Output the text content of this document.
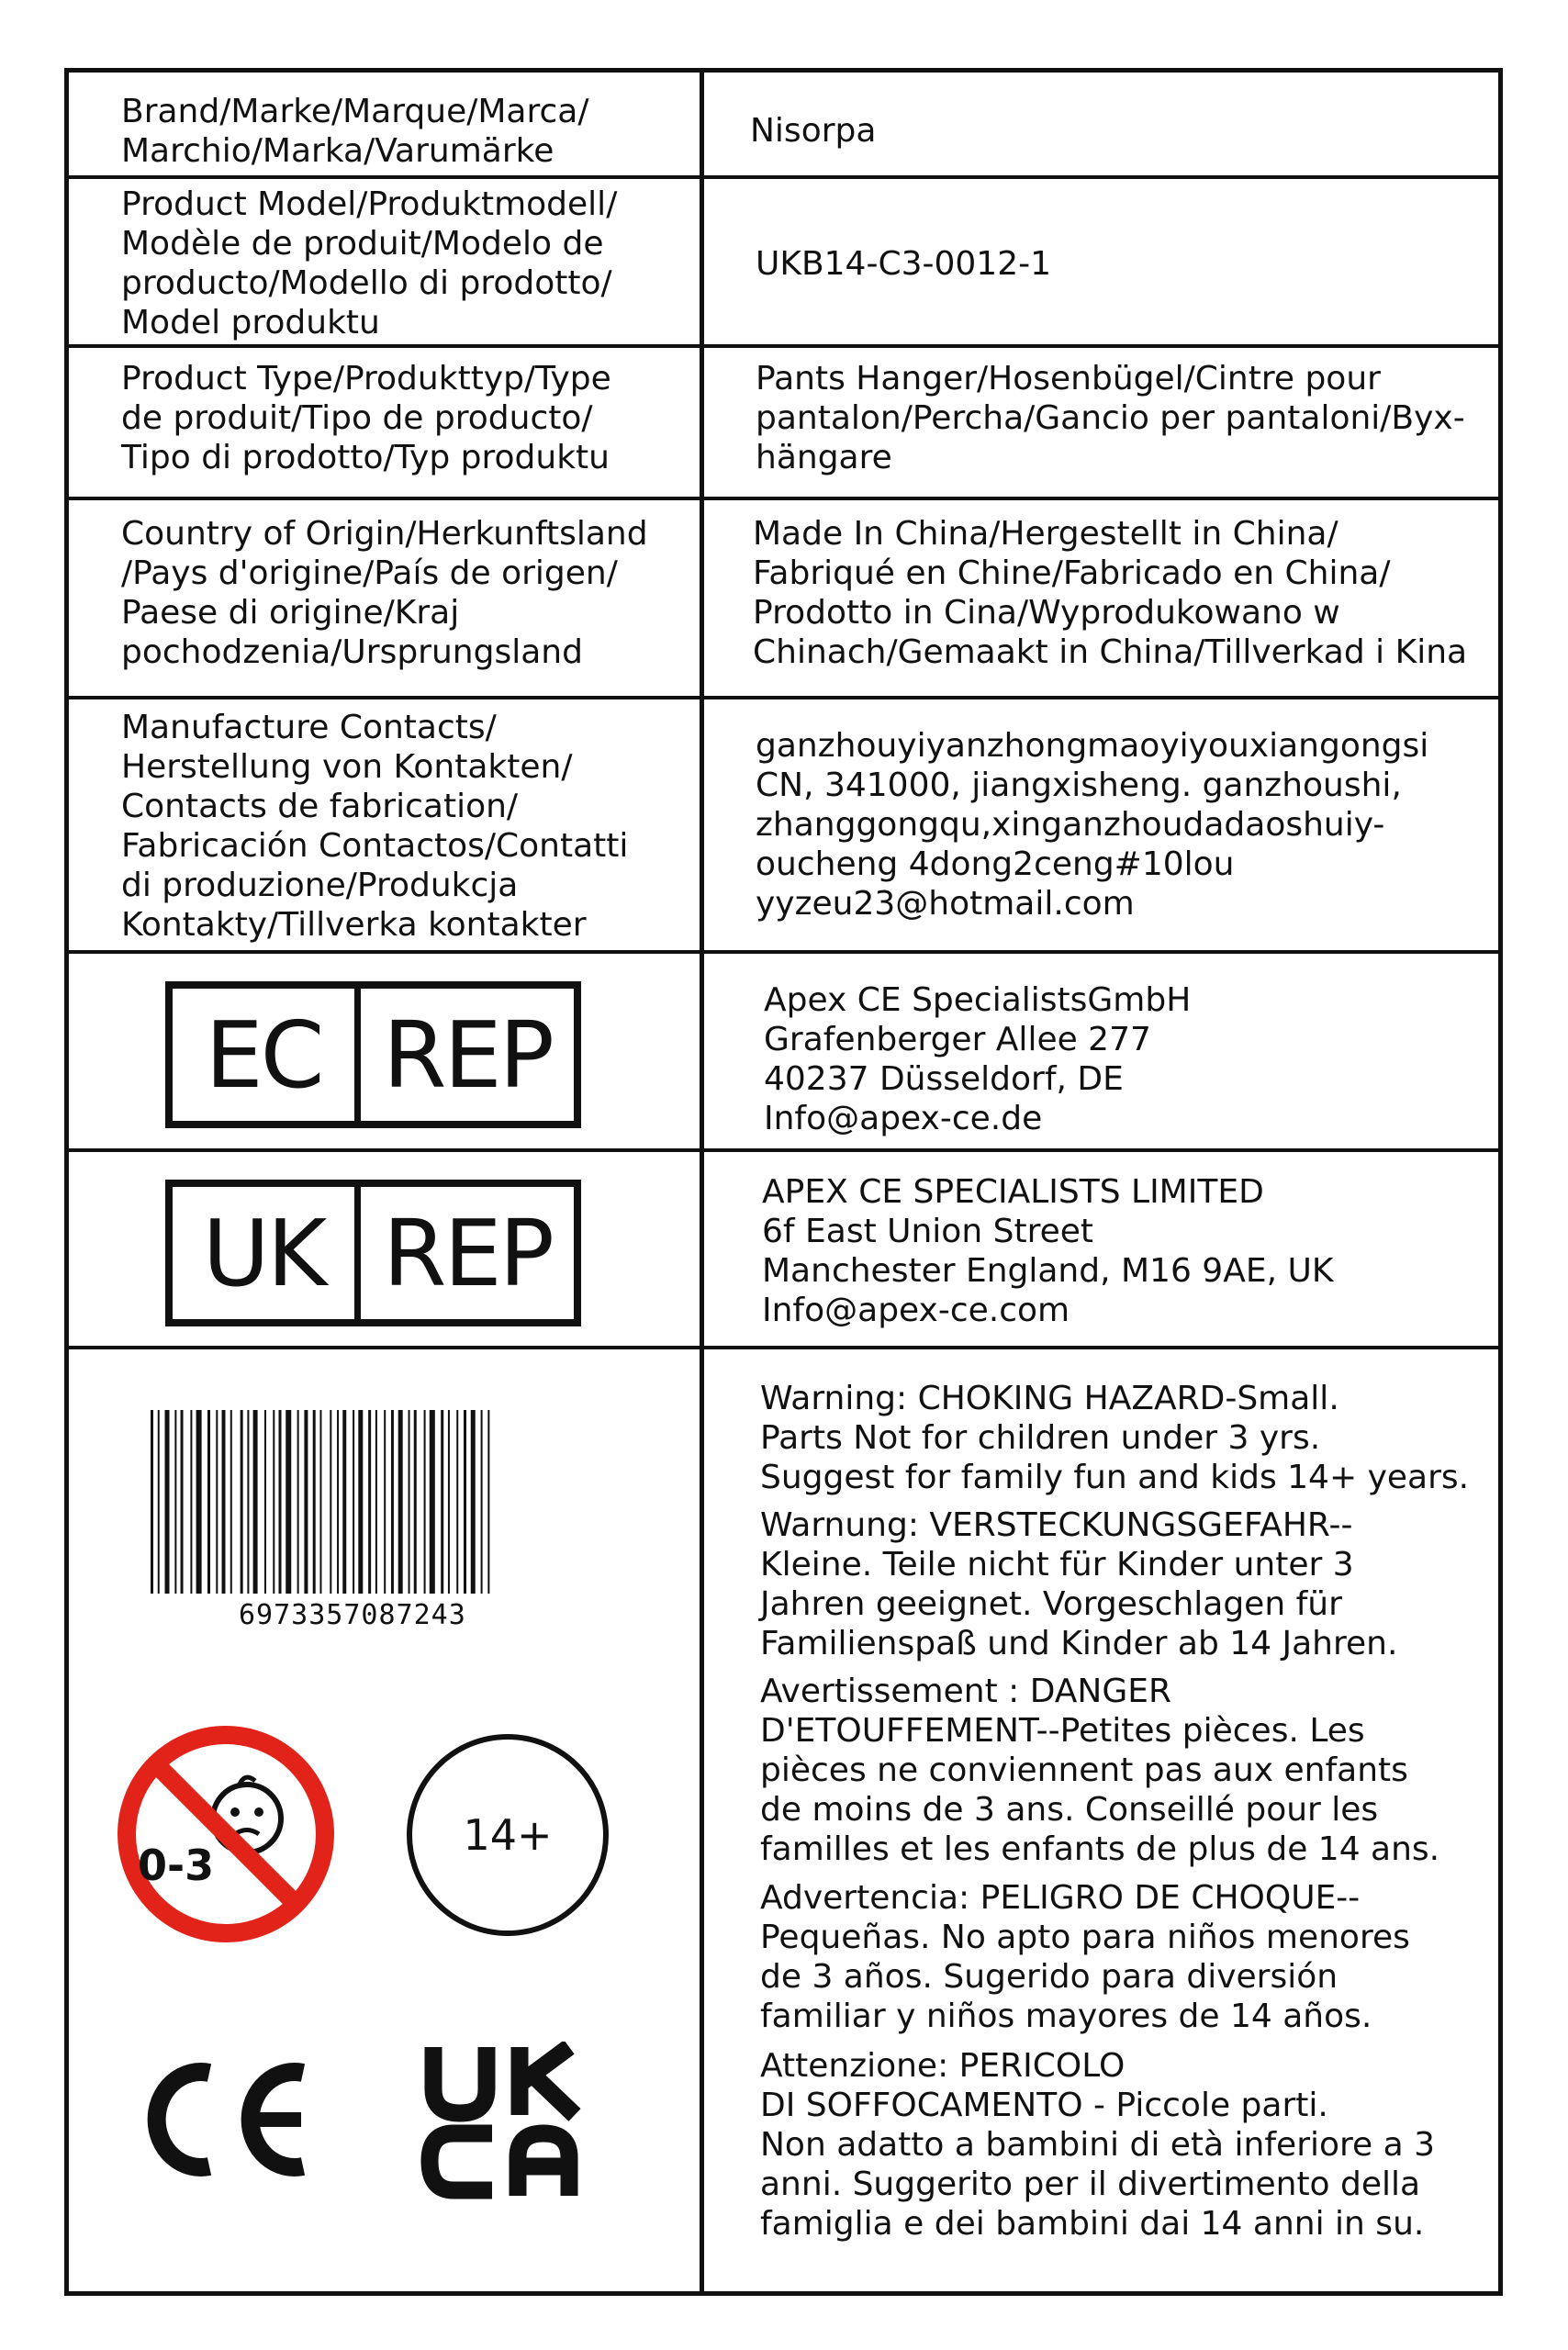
Brand/Marke/Marque/Marca/
Marchio/Marka/Varumärke
Nisorpa
Product Model/Produktmodell/
Modèle de produit/Modelo de
producto/Modello di prodotto/
Model produktu
UKB14-C3-0012-1
Product Type/Produkttyp/Type
de produit/Tipo de producto/
Tipo di prodotto/Typ produktu
Pants Hanger/Hosenbügel/Cintre pour
pantalon/Percha/Gancio per pantaloni/Byx-
hängare
Country of Origin/Herkunftsland
/Pays d'origine/País de origen/
Paese di origine/Kraj
pochodzenia/Ursprungsland
Made In China/Hergestellt in China/
Fabriqué en Chine/Fabricado en China/
Prodotto in Cina/Wyprodukowano w
Chinach/Gemaakt in China/Tillverkad i Kina
Manufacture Contacts/
Herstellung von Kontakten/
Contacts de fabrication/
Fabricación Contactos/Contatti
di produzione/Produkcja
Kontakty/Tillverka kontakter
ganzhouyiyanzhongmaoyiyouxiangongsi
CN, 341000, jiangxisheng. ganzhoushi,
zhanggongqu,xinganzhoudadaoshuiy-
oucheng 4dong2ceng#10lou
yyzeu23@hotmail.com
EC REP
Apex CE SpecialistsGmbH
Grafenberger Allee 277
40237 Düsseldorf, DE
Info@apex-ce.de
UK REP
APEX CE SPECIALISTS LIMITED
6f East Union Street
Manchester England, M16 9AE, UK
Info@apex-ce.com
6973357087243
0-3
14+
Warning: CHOKING HAZARD-Small.
Parts Not for children under 3 yrs.
Suggest for family fun and kids 14+ years.
Warnung: VERSTECKUNGSGEFAHR--
Kleine. Teile nicht für Kinder unter 3
Jahren geeignet. Vorgeschlagen für
Familienspaß und Kinder ab 14 Jahren.
Avertissement : DANGER
D'ETOUFFEMENT--Petites pièces. Les
pièces ne conviennent pas aux enfants
de moins de 3 ans. Conseillé pour les
familles et les enfants de plus de 14 ans.
Advertencia: PELIGRO DE CHOQUE--
Pequeñas. No apto para niños menores
de 3 años. Sugerido para diversión
familiar y niños mayores de 14 años.
Attenzione: PERICOLO
DI SOFFOCAMENTO - Piccole parti.
Non adatto a bambini di età inferiore a 3
anni. Suggerito per il divertimento della
famiglia e dei bambini dai 14 anni in su.
